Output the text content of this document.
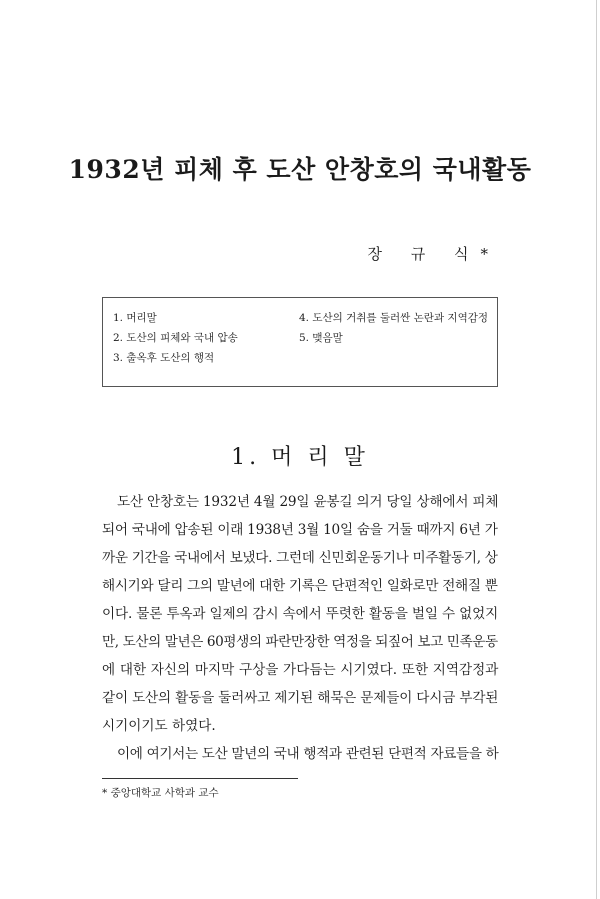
1932년 피체 후 도산 안창호의 국내활동
장 규 식*
1. 머리말
2. 도산의 피체와 국내 압송
3. 출옥후 도산의 행적
4. 도산의 거취를 둘러싼 논란과 지역감정
5. 맺음말
1. 머 리 말
도산 안창호는 1932년 4월 29일 윤봉길 의거 당일 상해에서 피체
되어 국내에 압송된 이래 1938년 3월 10일 숨을 거둘 때까지 6년 가
까운 기간을 국내에서 보냈다. 그런데 신민회운동기나 미주활동기, 상
해시기와 달리 그의 말년에 대한 기록은 단편적인 일화로만 전해질 뿐
이다. 물론 투옥과 일제의 감시 속에서 뚜렷한 활동을 벌일 수 없었지
만, 도산의 말년은 60평생의 파란만장한 역정을 되짚어 보고 민족운동
에 대한 자신의 마지막 구상을 가다듬는 시기였다. 또한 지역감정과
같이 도산의 활동을 둘러싸고 제기된 해묵은 문제들이 다시금 부각된
시기이기도 하였다.
이에 여기서는 도산 말년의 국내 행적과 관련된 단편적 자료들을 하
* 중앙대학교 사학과 교수
